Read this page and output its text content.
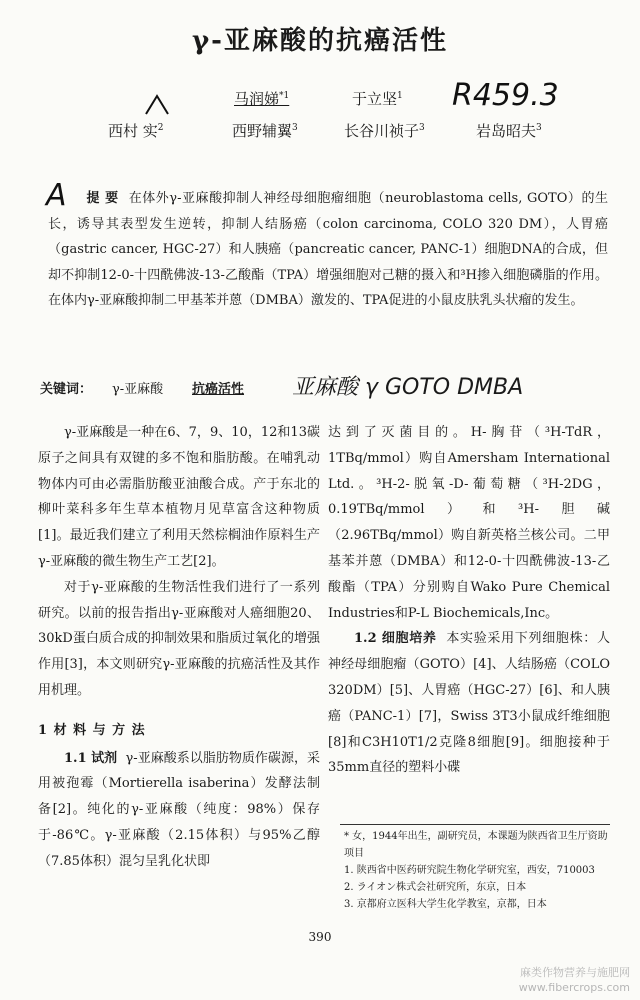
γ-亚麻酸的抗癌活性
R459.3
马润娣$^{*1}$	于立坚$^1$
西村 实$^2$	西野辅翼$^3$	长谷川祯子$^3$	岩岛昭夫$^3$
A	提 要 在体外γ-亚麻酸抑制人神经母细胞瘤细胞（neuroblastoma cells, GOTO）的生长，诱导其表型发生逆转，抑制人结肠癌（colon carcinoma, COLO 320 DM），人胃癌（gastric cancer, HGC-27）和人胰癌（pancreatic cancer, PANC-1）细胞DNA的合成，但却不抑制12-0-十四酰佛波-13-乙酸酯（TPA）增强细胞对己糖的摄入和³H掺入细胞磷脂的作用。在体内γ-亚麻酸抑制二甲基苯并蒽（DMBA）激发的、TPA促进的小鼠皮肤乳头状瘤的发生。
关键词： γ-亚麻酸 抗癌活性 亚麻酸 γ GOTO DMBA

γ-亚麻酸是一种在6、7，9、10，12和13碳原子之间具有双键的多不饱和脂肪酸。在哺乳动物体内可由必需脂肪酸亚油酸合成。产于东北的柳叶菜科多年生草本植物月见草富含这种物质[1]。最近我们建立了利用天然棕榈油作原料生产γ-亚麻酸的微生物生产工艺[2]。

对于γ-亚麻酸的生物活性我们进行了一系列研究。以前的报告指出γ-亚麻酸对人癌细胞20、30kD蛋白质合成的抑制效果和脂质过氧化的增强作用[3]，本文则研究γ-亚麻酸的抗癌活性及其作用机理。

1 材 料 与 方 法

1.1 试剂 γ-亚麻酸系以脂肪物质作碳源，采用被孢霉（Mortierella isaberina）发酵法制备[2]。纯化的γ-亚麻酸（纯度：98%）保存于-86℃。γ-亚麻酸（2.15体积）与95%乙醇（7.85体积）混匀呈乳化状即

达到了灭菌目的。H-胸苷（³H-TdR，1TBq/mmol）购自Amersham International Ltd.。³H-2-脱氧-D-葡萄糖（³H-2DG，0.19TBq/mmol）和³H-胆碱（2.96TBq/mmol）购自新英格兰核公司。二甲基苯并蒽（DMBA）和12-0-十四酰佛波-13-乙酸酯（TPA）分别购自Wako Pure Chemical Industries和P-L Biochemicals,Inc。

1.2 细胞培养 本实验采用下列细胞株：人神经母细胞瘤（GOTO）[4]、人结肠癌（COLO 320DM）[5]、人胃癌（HGC-27）[6]、和人胰癌（PANC-1）[7]，Swiss 3T3小鼠成纤维细胞[8]和C3H10T1/2克隆8细胞[9]。细胞接种于35mm直径的塑料小碟

* 女，1944年出生，副研究员，本课题为陕西省卫生厅资助项目
1. 陕西省中医药研究院生物化学研究室，西安，710003
2. ライオン株式会社研究所，东京，日本
3. 京都府立医科大学生化学教室，京都，日本
390
麻类作物营养与施肥网
www.fibercrops.com
